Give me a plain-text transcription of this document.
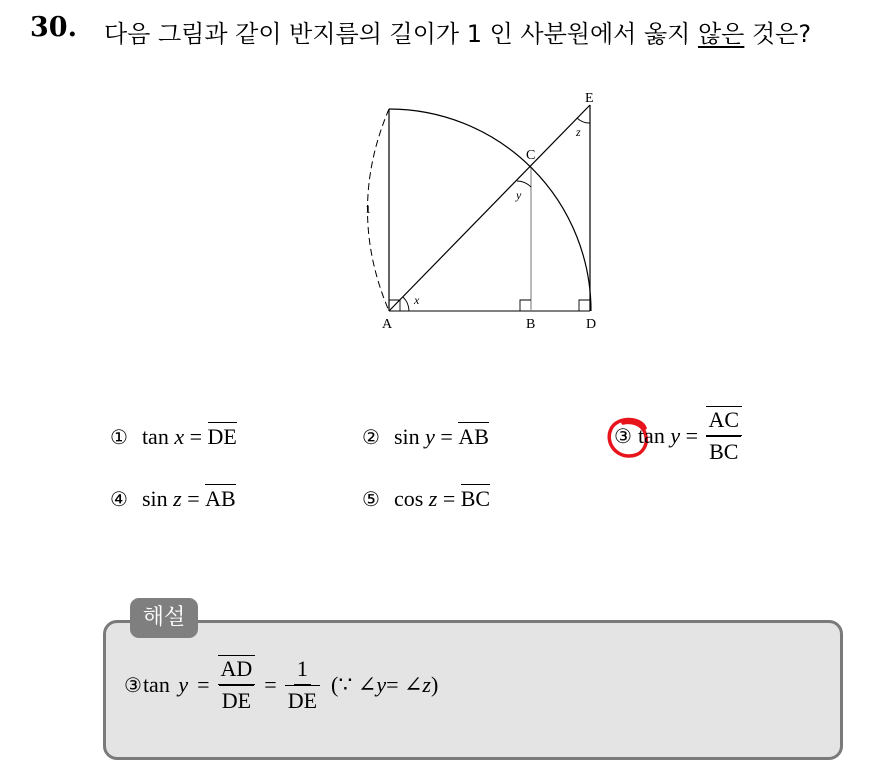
30. 다음 그림과 같이 반지름의 길이가 1 인 사분원에서 옳지 않은 것은?
1
x
y
z
A	B
C
D
E
① tan x = DE	② sin y = AB	③ tan
y
=
$\frac{AC}{BC}$
④ sin z = AB	⑤ cos z = BC
해설
③ tan
$y = \frac{AD}{DE} = \frac{1}{DE}$ (∵ ∠ y = ∠ z )
